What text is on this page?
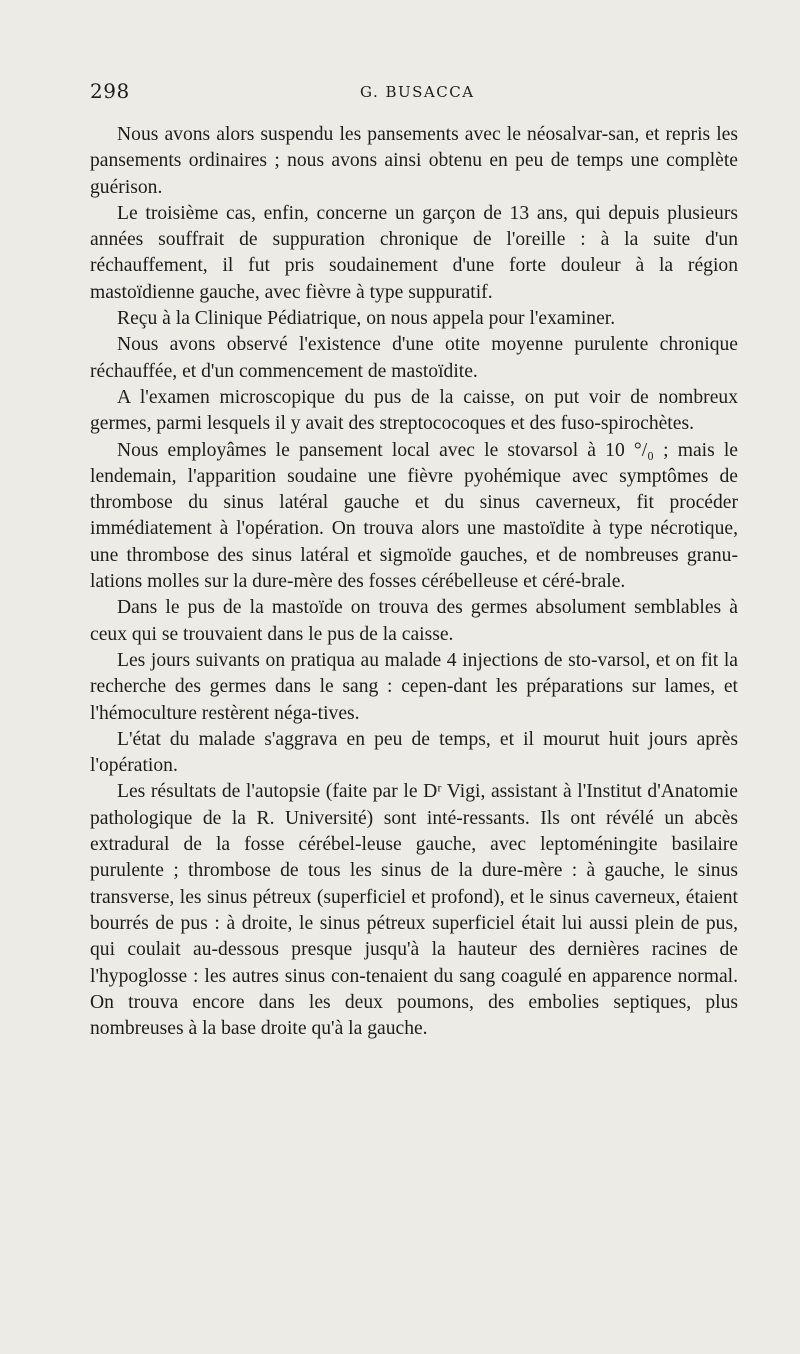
298	G. BUSACCA

Nous avons alors suspendu les pansements avec le néosalvar-san, et repris les pansements ordinaires ; nous avons ainsi obtenu en peu de temps une complète guérison.

Le troisième cas, enfin, concerne un garçon de 13 ans, qui depuis plusieurs années souffrait de suppuration chronique de l'oreille : à la suite d'un réchauffement, il fut pris soudainement d'une forte douleur à la région mastoïdienne gauche, avec fièvre à type suppuratif.

Reçu à la Clinique Pédiatrique, on nous appela pour l'examiner.

Nous avons observé l'existence d'une otite moyenne purulente chronique réchauffée, et d'un commencement de mastoïdite.

A l'examen microscopique du pus de la caisse, on put voir de nombreux germes, parmi lesquels il y avait des streptococoques et des fuso-spirochètes.

Nous employâmes le pansement local avec le stovarsol à 10 °/₀ ; mais le lendemain, l'apparition soudaine une fièvre pyohémique avec symptômes de thrombose du sinus latéral gauche et du sinus caverneux, fit procéder immédiatement à l'opération. On trouva alors une mastoïdite à type nécrotique, une thrombose des sinus latéral et sigmoïde gauches, et de nombreuses granu-lations molles sur la dure-mère des fosses cérébelleuse et céré-brale.

Dans le pus de la mastoïde on trouva des germes absolument semblables à ceux qui se trouvaient dans le pus de la caisse.

Les jours suivants on pratiqua au malade 4 injections de sto-varsol, et on fit la recherche des germes dans le sang : cepen-dant les préparations sur lames, et l'hémoculture restèrent néga-tives.

L'état du malade s'aggrava en peu de temps, et il mourut huit jours après l'opération.

Les résultats de l'autopsie (faite par le Dʳ Vigi, assistant à l'Institut d'Anatomie pathologique de la R. Université) sont inté-ressants. Ils ont révélé un abcès extradural de la fosse cérébel-leuse gauche, avec leptoméningite basilaire purulente ; thrombose de tous les sinus de la dure-mère : à gauche, le sinus transverse, les sinus pétreux (superficiel et profond), et le sinus caverneux, étaient bourrés de pus : à droite, le sinus pétreux superficiel était lui aussi plein de pus, qui coulait au-dessous presque jusqu'à la hauteur des dernières racines de l'hypoglosse : les autres sinus con-tenaient du sang coagulé en apparence normal. On trouva encore dans les deux poumons, des embolies septiques, plus nombreuses à la base droite qu'à la gauche.
